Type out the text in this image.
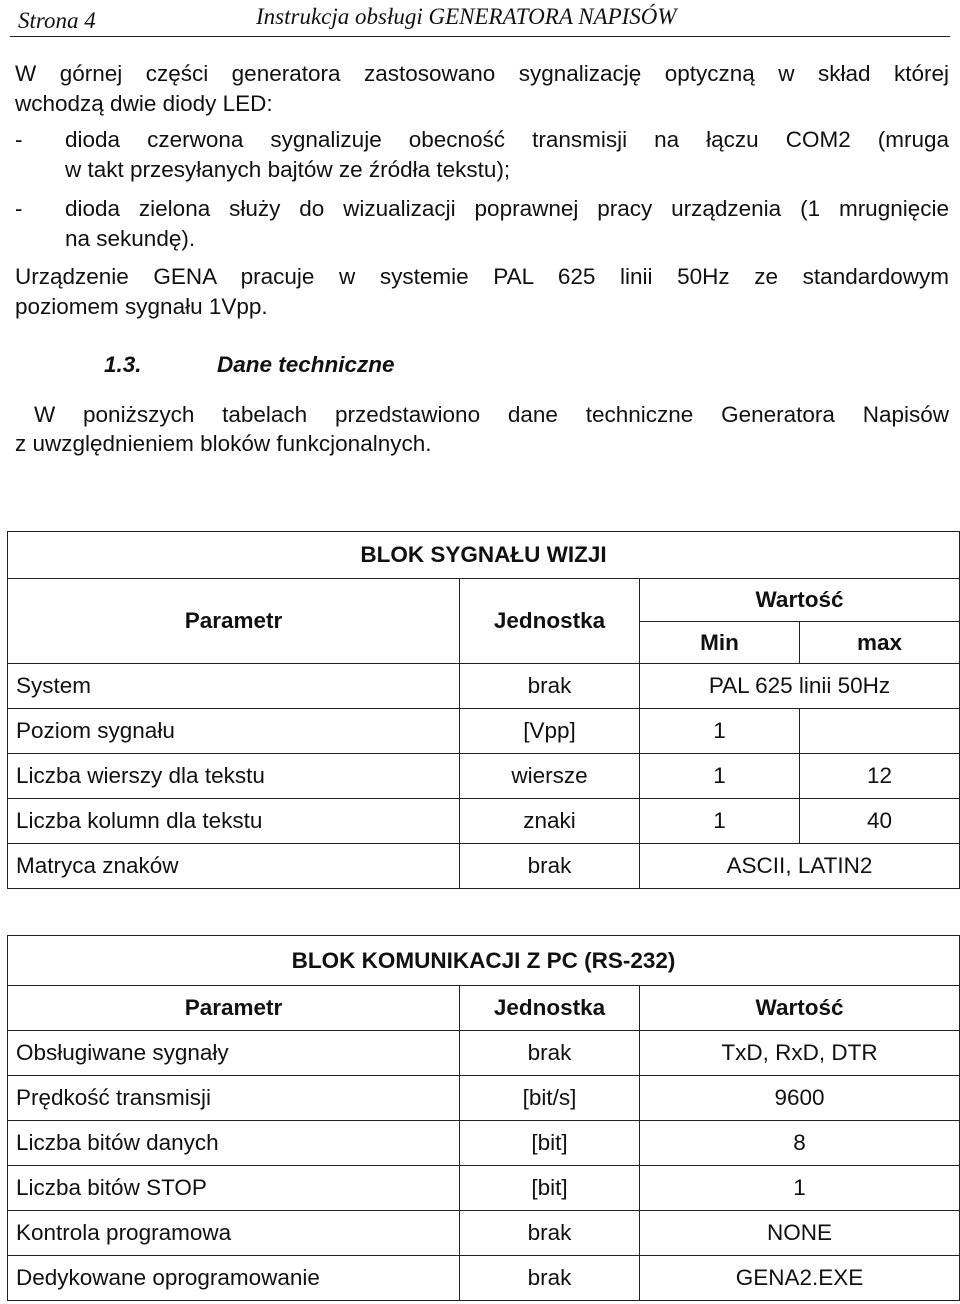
Strona 4	Instrukcja obsługi GENERATORA NAPISÓW
W górnej części generatora zastosowano sygnalizację optyczną w skład której
wchodzą dwie diody LED:
- dioda czerwona sygnalizuje obecność transmisji na łączu COM2 (mruga
w takt przesyłanych bajtów ze źródła tekstu);
- dioda zielona służy do wizualizacji poprawnej pracy urządzenia (1 mrugnięcie
na sekundę).
Urządzenie GENA pracuje w systemie PAL 625 linii 50Hz ze standardowym
poziomem sygnału 1Vpp.
1.3.	Dane techniczne
W poniższych tabelach przedstawiono dane techniczne Generatora Napisów
z uwzględnieniem bloków funkcjonalnych.
BLOK SYGNAŁU WIZJI			
Parametr	Jednostka	Wartość	
		Min	max
System	brak	PAL 625 linii 50Hz	
Poziom sygnału	[Vpp]	1	
Liczba wierszy dla tekstu	wiersze	1	12
Liczba kolumn dla tekstu	znaki	1	40
Matryca znaków	brak	ASCII, LATIN2	
BLOK KOMUNIKACJI Z PC (RS-232)		
Parametr	Jednostka	Wartość
Obsługiwane sygnały	brak	TxD, RxD, DTR
Prędkość transmisji	[bit/s]	9600
Liczba bitów danych	[bit]	8
Liczba bitów STOP	[bit]	1
Kontrola programowa	brak	NONE
Dedykowane oprogramowanie	brak	GENA2.EXE
